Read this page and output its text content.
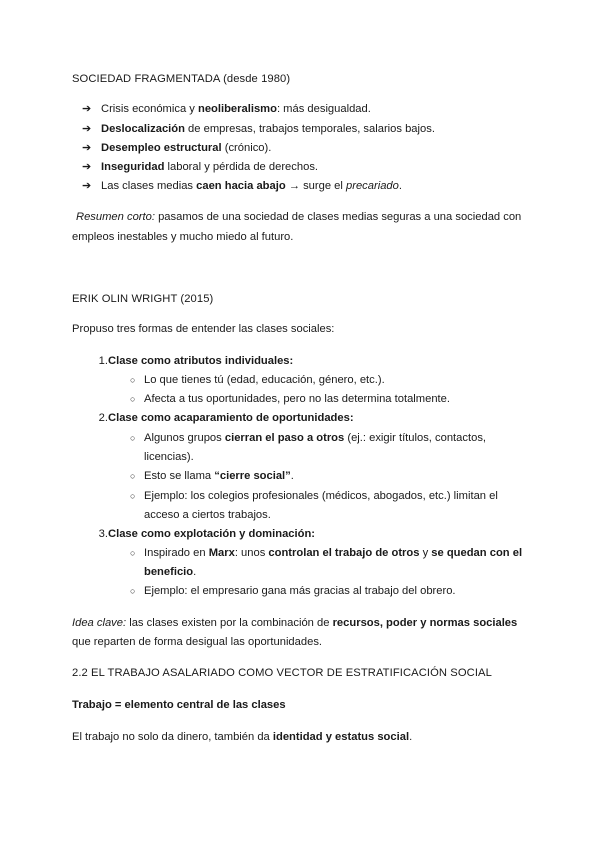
SOCIEDAD FRAGMENTADA (desde 1980)
➔ Crisis económica y neoliberalismo: más desigualdad.
➔ Deslocalización de empresas, trabajos temporales, salarios bajos.
➔ Desempleo estructural (crónico).
➔ Inseguridad laboral y pérdida de derechos.
➔ Las clases medias caen hacia abajo → surge el precariado.
Resumen corto: pasamos de una sociedad de clases medias seguras a una sociedad con
empleos inestables y mucho miedo al futuro.
ERIK OLIN WRIGHT (2015)
Propuso tres formas de entender las clases sociales:
1. Clase como atributos individuales:
○ Lo que tienes tú (edad, educación, género, etc.).
○ Afecta a tus oportunidades, pero no las determina totalmente.
2. Clase como acaparamiento de oportunidades:
○ Algunos grupos cierran el paso a otros (ej.: exigir títulos, contactos,
licencias).
○ Esto se llama “cierre social”.
○ Ejemplo: los colegios profesionales (médicos, abogados, etc.) limitan el
acceso a ciertos trabajos.
3. Clase como explotación y dominación:
○ Inspirado en Marx: unos controlan el trabajo de otros y se quedan con el
beneficio.
○ Ejemplo: el empresario gana más gracias al trabajo del obrero.
Idea clave: las clases existen por la combinación de recursos, poder y normas sociales
que reparten de forma desigual las oportunidades.
2.2 EL TRABAJO ASALARIADO COMO VECTOR DE ESTRATIFICACIÓN SOCIAL
Trabajo = elemento central de las clases
El trabajo no solo da dinero, también da identidad y estatus social.
